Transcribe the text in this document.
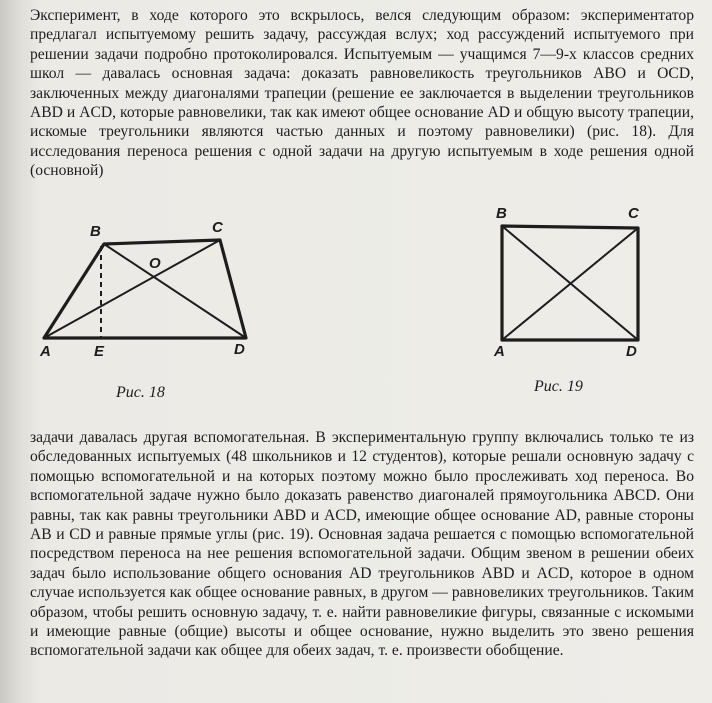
Эксперимент, в ходе которого это вскрылось, велся следующим образом: экспериментатор предлагал испытуемому решить задачу, рассуждая вслух; ход рассуждений испытуемого при решении задачи подробно протоколировался. Испытуемым — учащимся 7—9-х классов средних школ — давалась основная задача: доказать равновеликость треугольников ABO и OCD, заключенных между диагоналями трапеции (решение ее заключается в выделении треугольников ABD и ACD, которые равновелики, так как имеют общее основание AD и общую высоту трапеции, искомые треугольники являются частью данных и поэтому равновелики) (рис. 18). Для исследования переноса решения с одной задачи на другую испытуемым в ходе решения одной (основной)

B	C
O
A	E	D
B	C
A	D
Рис. 18	Рис. 19

задачи давалась другая вспомогательная. В экспериментальную группу включались только те из обследованных испытуемых (48 школьников и 12 студентов), которые решали основную задачу с помощью вспомогательной и на которых поэтому можно было прослеживать ход переноса. Во вспомогательной задаче нужно было доказать равенство диагоналей прямоугольника ABCD. Они равны, так как равны треугольники ABD и ACD, имеющие общее основание AD, равные стороны AB и CD и равные прямые углы (рис. 19). Основная задача решается с помощью вспомогательной посредством переноса на нее решения вспомогательной задачи. Общим звеном в решении обеих задач было использование общего основания AD треугольников ABD и ACD, которое в одном случае используется как общее основание равных, в другом — равновеликих треугольников. Таким образом, чтобы решить основную задачу, т. е. найти равновеликие фигуры, связанные с искомыми и имеющие равные (общие) высоты и общее основание, нужно выделить это звено решения вспомогательной задачи как общее для обеих задач, т. е. произвести обобщение.
